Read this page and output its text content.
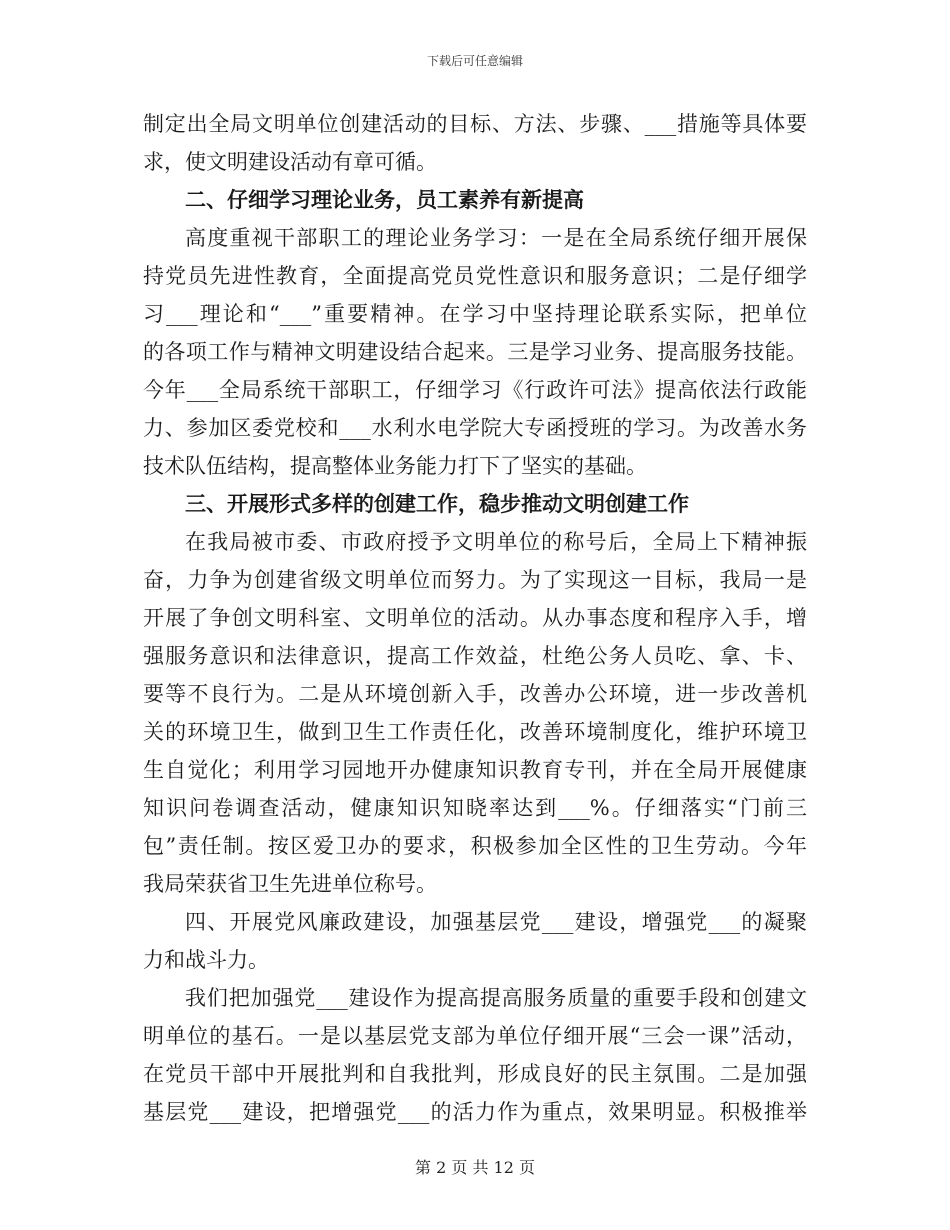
下载后可任意编辑
制定出全局文明单位创建活动的目标、方法、步骤、___措施等具体要
求，使文明建设活动有章可循。
二、仔细学习理论业务，员工素养有新提高
高度重视干部职工的理论业务学习：一是在全局系统仔细开展保
持党员先进性教育，全面提高党员党性意识和服务意识；二是仔细学
习___理论和“___”重要精神。在学习中坚持理论联系实际，把单位
的各项工作与精神文明建设结合起来。三是学习业务、提高服务技能。
今年___全局系统干部职工，仔细学习《行政许可法》提高依法行政能
力、参加区委党校和___水利水电学院大专函授班的学习。为改善水务
技术队伍结构，提高整体业务能力打下了坚实的基础。
三、开展形式多样的创建工作，稳步推动文明创建工作
在我局被市委、市政府授予文明单位的称号后，全局上下精神振
奋，力争为创建省级文明单位而努力。为了实现这一目标，我局一是
开展了争创文明科室、文明单位的活动。从办事态度和程序入手，增
强服务意识和法律意识，提高工作效益，杜绝公务人员吃、拿、卡、
要等不良行为。二是从环境创新入手，改善办公环境，进一步改善机
关的环境卫生，做到卫生工作责任化，改善环境制度化，维护环境卫
生自觉化；利用学习园地开办健康知识教育专刊，并在全局开展健康
知识问卷调查活动，健康知识知晓率达到___%。仔细落实“门前三
包”责任制。按区爱卫办的要求，积极参加全区性的卫生劳动。今年
我局荣获省卫生先进单位称号。
四、开展党风廉政建设，加强基层党___建设，增强党___的凝聚
力和战斗力。
我们把加强党___建设作为提高提高服务质量的重要手段和创建文
明单位的基石。一是以基层党支部为单位仔细开展“三会一课”活动，
在党员干部中开展批判和自我批判，形成良好的民主氛围。二是加强
基层党___建设，把增强党___的活力作为重点，效果明显。积极推举
第 2 页 共 12 页
